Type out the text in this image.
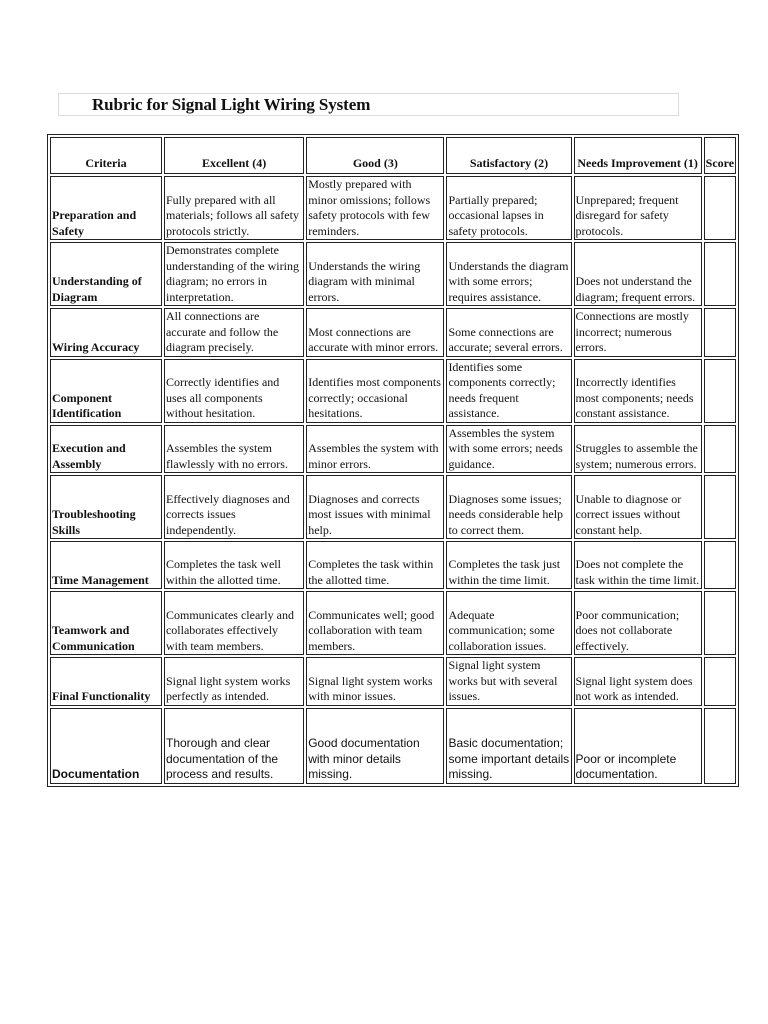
Rubric for Signal Light Wiring System
Criteria	Excellent (4)	Good (3)	Satisfactory (2)	Needs Improvement (1)	Score
Preparation and Safety	Fully prepared with all materials; follows all safety protocols strictly.	Mostly prepared with minor omissions; follows safety protocols with few reminders.	Partially prepared; occasional lapses in safety protocols.	Unprepared; frequent disregard for safety protocols.	
Understanding of Diagram	Demonstrates complete understanding of the wiring diagram; no errors in interpretation.	Understands the wiring diagram with minimal errors.	Understands the diagram with some errors; requires assistance.	Does not understand the diagram; frequent errors.	
Wiring Accuracy	All connections are accurate and follow the diagram precisely.	Most connections are accurate with minor errors.	Some connections are accurate; several errors.	Connections are mostly incorrect; numerous errors.	
Component Identification	Correctly identifies and uses all components without hesitation.	Identifies most components correctly; occasional hesitations.	Identifies some components correctly; needs frequent assistance.	Incorrectly identifies most components; needs constant assistance.	
Execution and Assembly	Assembles the system flawlessly with no errors.	Assembles the system with minor errors.	Assembles the system with some errors; needs guidance.	Struggles to assemble the system; numerous errors.	
Troubleshooting Skills	Effectively diagnoses and corrects issues independently.	Diagnoses and corrects most issues with minimal help.	Diagnoses some issues; needs considerable help to correct them.	Unable to diagnose or correct issues without constant help.	
Time Management	Completes the task well within the allotted time.	Completes the task within the allotted time.	Completes the task just within the time limit.	Does not complete the task within the time limit.	
Teamwork and Communication	Communicates clearly and collaborates effectively with team members.	Communicates well; good collaboration with team members.	Adequate communication; some collaboration issues.	Poor communication; does not collaborate effectively.	
Final Functionality	Signal light system works perfectly as intended.	Signal light system works with minor issues.	Signal light system works but with several issues.	Signal light system does not work as intended.	
Documentation	Thorough and clear documentation of the process and results.	Good documentation with minor details missing.	Basic documentation; some important details missing.	Poor or incomplete documentation.	
